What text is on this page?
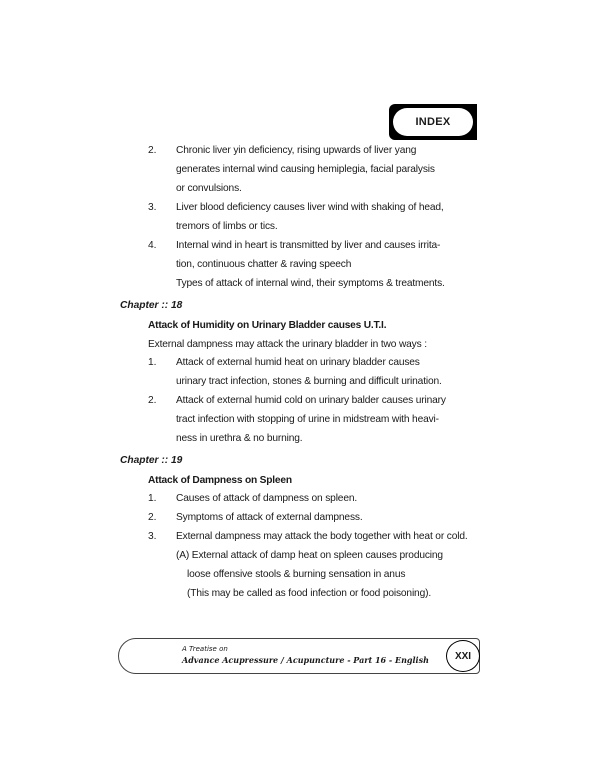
INDEX
2. Chronic liver yin deficiency, rising upwards of liver yang
generates internal wind causing hemiplegia, facial paralysis
or convulsions.
3. Liver blood deficiency causes liver wind with shaking of head,
tremors of limbs or tics.
4. Internal wind in heart is transmitted by liver and causes irrita-
tion, continuous chatter & raving speech
Types of attack of internal wind, their symptoms & treatments.
Chapter :: 18
Attack of Humidity on Urinary Bladder causes U.T.I.
External dampness may attack the urinary bladder in two ways :
1. Attack of external humid heat on urinary bladder causes
urinary tract infection, stones & burning and difficult urination.
2. Attack of external humid cold on urinary balder causes urinary
tract infection with stopping of urine in midstream with heavi-
ness in urethra & no burning.
Chapter :: 19
Attack of Dampness on Spleen
1. Causes of attack of dampness on spleen.
2. Symptoms of attack of external dampness.
3. External dampness may attack the body together with heat or cold.
(A) External attack of damp heat on spleen causes producing
loose offensive stools & burning sensation in anus
(This may be called as food infection or food poisoning).
A Treatise on
Advance Acupressure / Acupuncture - Part 16 - English	XXI
